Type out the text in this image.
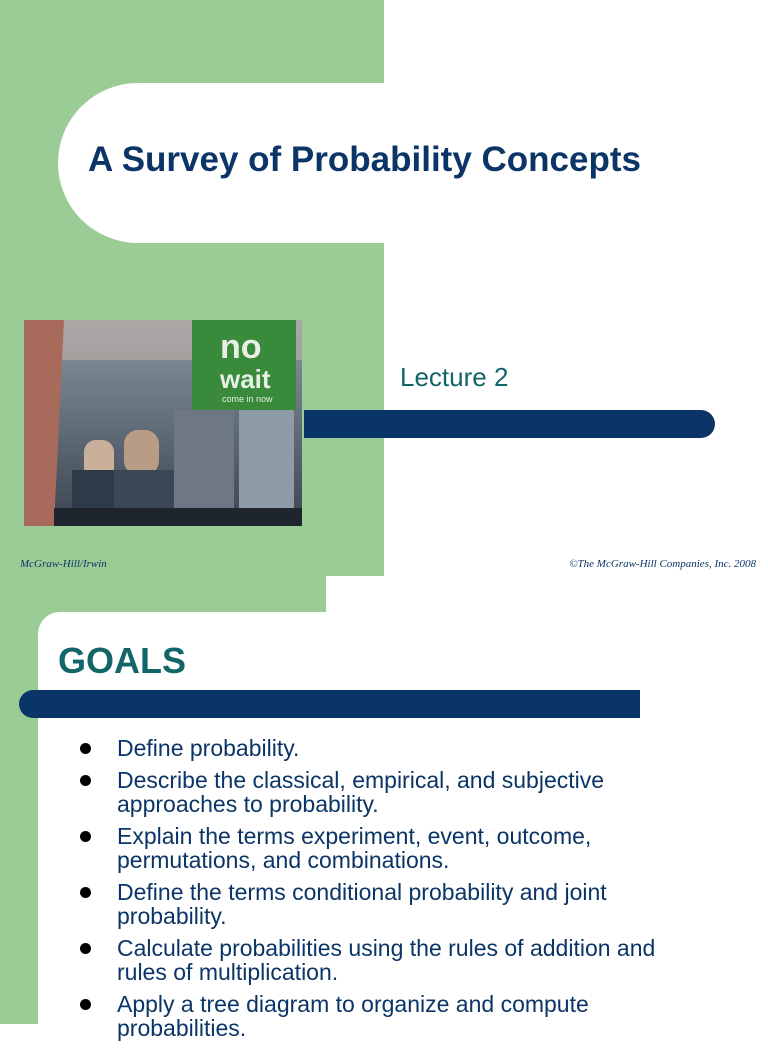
A Survey of Probability Concepts
no
wait
come in now
Lecture 2
McGraw-Hill/Irwin	©The McGraw-Hill Companies, Inc. 2008
GOALS
Define probability.
Describe the classical, empirical, and subjective approaches to probability.
Explain the terms experiment, event, outcome, permutations, and combinations.
Define the terms conditional probability and joint probability.
Calculate probabilities using the rules of addition and rules of multiplication.
Apply a tree diagram to organize and compute probabilities.
